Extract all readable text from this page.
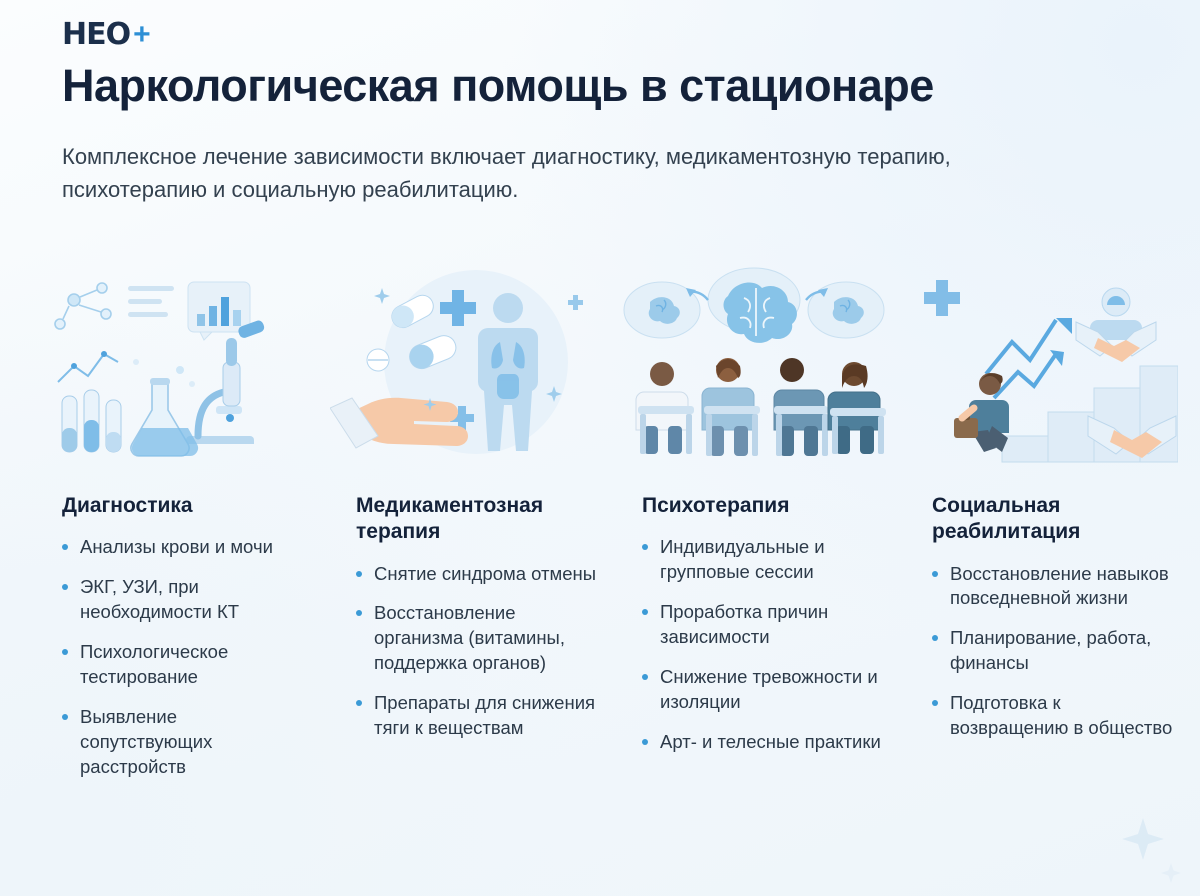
HEO +
Наркологическая помощь в стационаре
Комплексное лечение зависимости включает диагностику, медикаментозную терапию, психотерапию и социальную реабилитацию.
Диагностика
Анализы крови и мочи
ЭКГ, УЗИ, при необходимости КТ
Психологическое тестирование
Выявление сопутствующих расстройств
Медикаментозная терапия
Снятие синдрома отмены
Восстановление организма (витамины, поддержка органов)
Препараты для снижения тяги к веществам
Психотерапия
Индивидуальные и групповые сессии
Проработка причин зависимости
Снижение тревожности и изоляции
Арт- и телесные практики
Социальная реабилитация
Восстановление навыков повседневной жизни
Планирование, работа, финансы
Подготовка к возвращению в общество
